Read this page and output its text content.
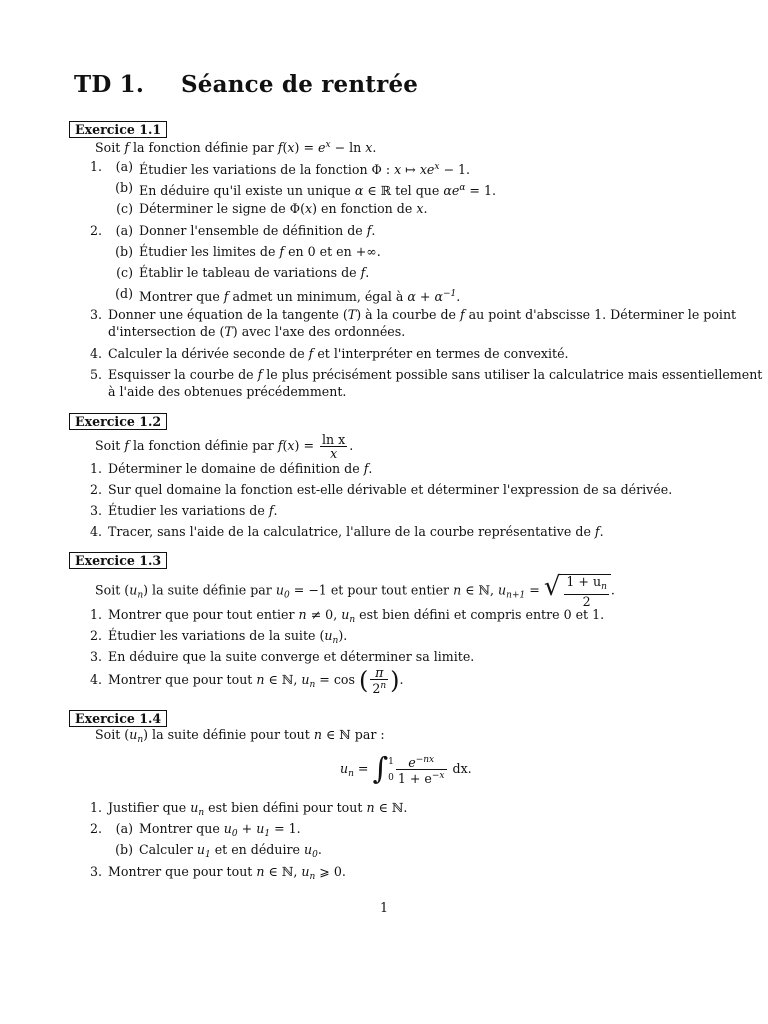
TD 1. Séance de rentrée
Exercice 1.1
Soit f la fonction définie par $f(x) = e^x - \ln x$.
1. (a) Étudier les variations de la fonction Φ : x ↦ $xe^x - 1$.
(b) En déduire qu'il existe un unique α ∈ ℝ tel que $\alpha e^\alpha = 1$.
(c) Déterminer le signe de Φ(x) en fonction de x.
2. (a) Donner l'ensemble de définition de f.
(b) Étudier les limites de f en 0 et en +∞.
(c) Établir le tableau de variations de f.
(d) Montrer que f admet un minimum, égal à $\alpha + \alpha^{-1}$.
3. Donner une équation de la tangente (T) à la courbe de f au point d'abscisse 1. Déterminer le point
d'intersection de (T) avec l'axe des ordonnées.
4. Calculer la dérivée seconde de f et l'interpréter en termes de convexité.
5. Esquisser la courbe de f le plus précisément possible sans utiliser la calculatrice mais essentiellement
à l'aide des obtenues précédemment.
Exercice 1.2
Soit f la fonction définie par $f(x) = \frac{\text{ln x}}{x}$ .
1. Déterminer le domaine de définition de f.
2. Sur quel domaine la fonction est-elle dérivable et déterminer l'expression de sa dérivée.
3. Étudier les variations de f.
4. Tracer, sans l'aide de la calculatrice, l'allure de la courbe représentative de f.
Exercice 1.3
Soit $(u_n)$ la suite définie par $u_0 = -1$ et pour tout entier n ∈ ℕ, $u_{n+1}$ = √ $\frac{1 + u_n}{2}$ .
1. Montrer que pour tout entier n ≠ 0, $u_n$ est bien défini et compris entre 0 et 1.
2. Étudier les variations de la suite $(u_n)$.
3. En déduire que la suite converge et déterminer sa limite.
4. Montrer que pour tout n ∈ ℕ, $u_n = \cos$ ( $\frac{\pi}{2^n}$ ).
Exercice 1.4
Soit $(u_n)$ la suite définie pour tout n ∈ ℕ par :
$u_n$ = ∫ 1
$0 \frac{e^{-nx}}{1 + e^{-x}}$ dx.
1. Justifier que $u_n$ est bien défini pour tout n ∈ ℕ.
2. (a) Montrer que $u_0 + u_1 = 1$.
(b) Calculer $u_1$ et en déduire $u_0$.
3. Montrer que pour tout n ∈ ℕ, $u_n$ ⩾ 0.
1
